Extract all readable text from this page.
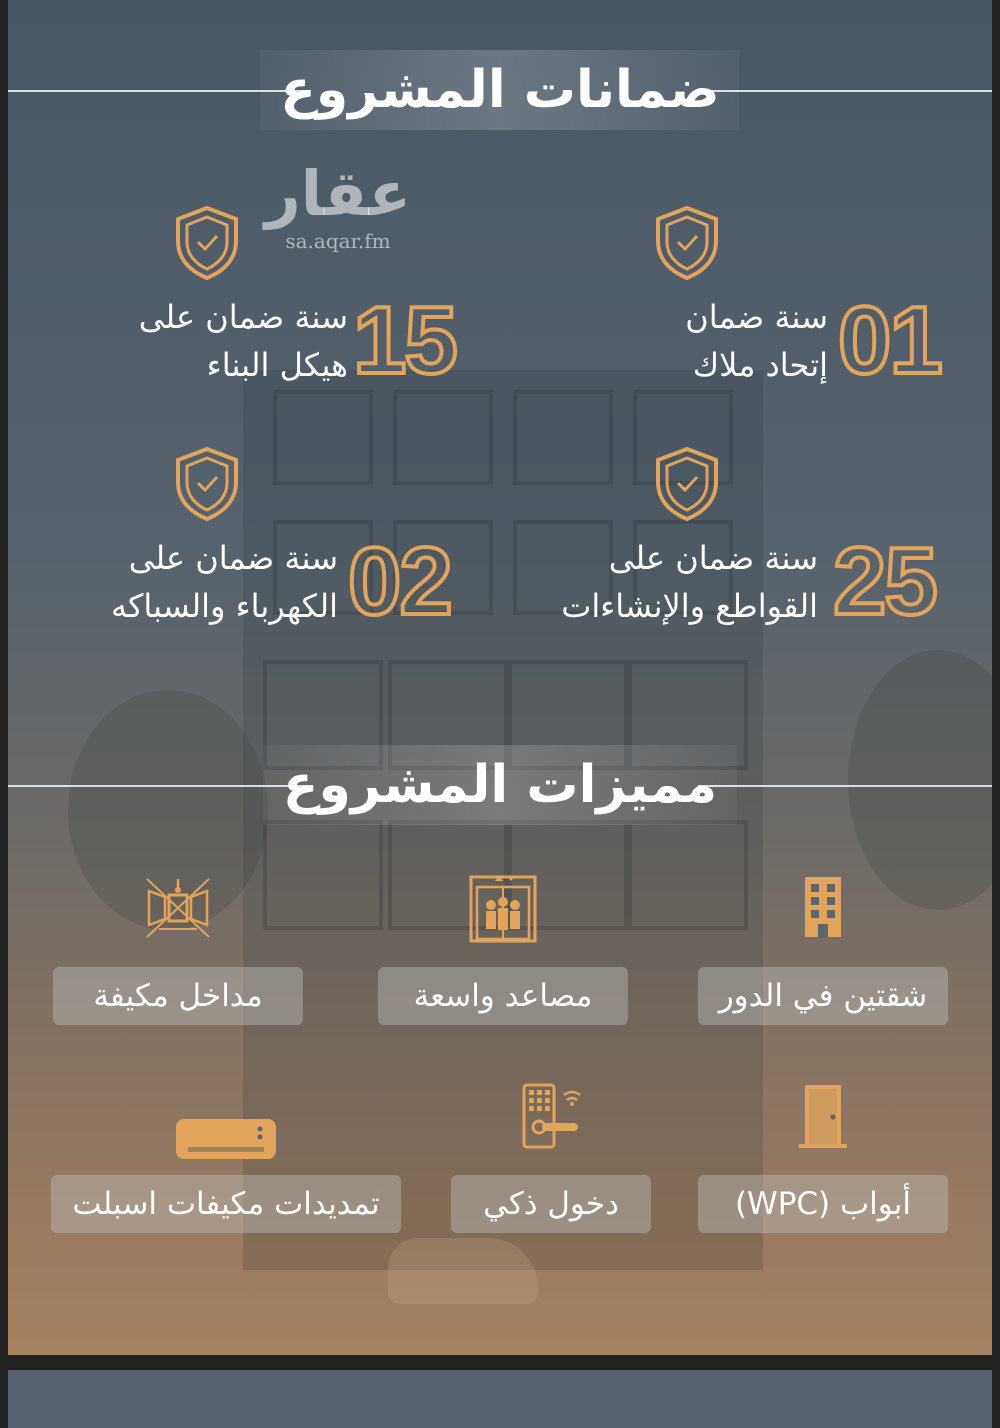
ضمانات المشروع
عقار
sa.aqar.fm
01
سنة ضمان
إتحاد ملاك
15
سنة ضمان على
هيكل البناء
25
سنة ضمان على
القواطع والإنشاءات
02
سنة ضمان على
الكهرباء والسباكه
مميزات المشروع
شقتين في الدور
مصاعد واسعة
مداخل مكيفة
أبواب (WPC)
دخول ذكي
تمديدات مكيفات اسبلت
